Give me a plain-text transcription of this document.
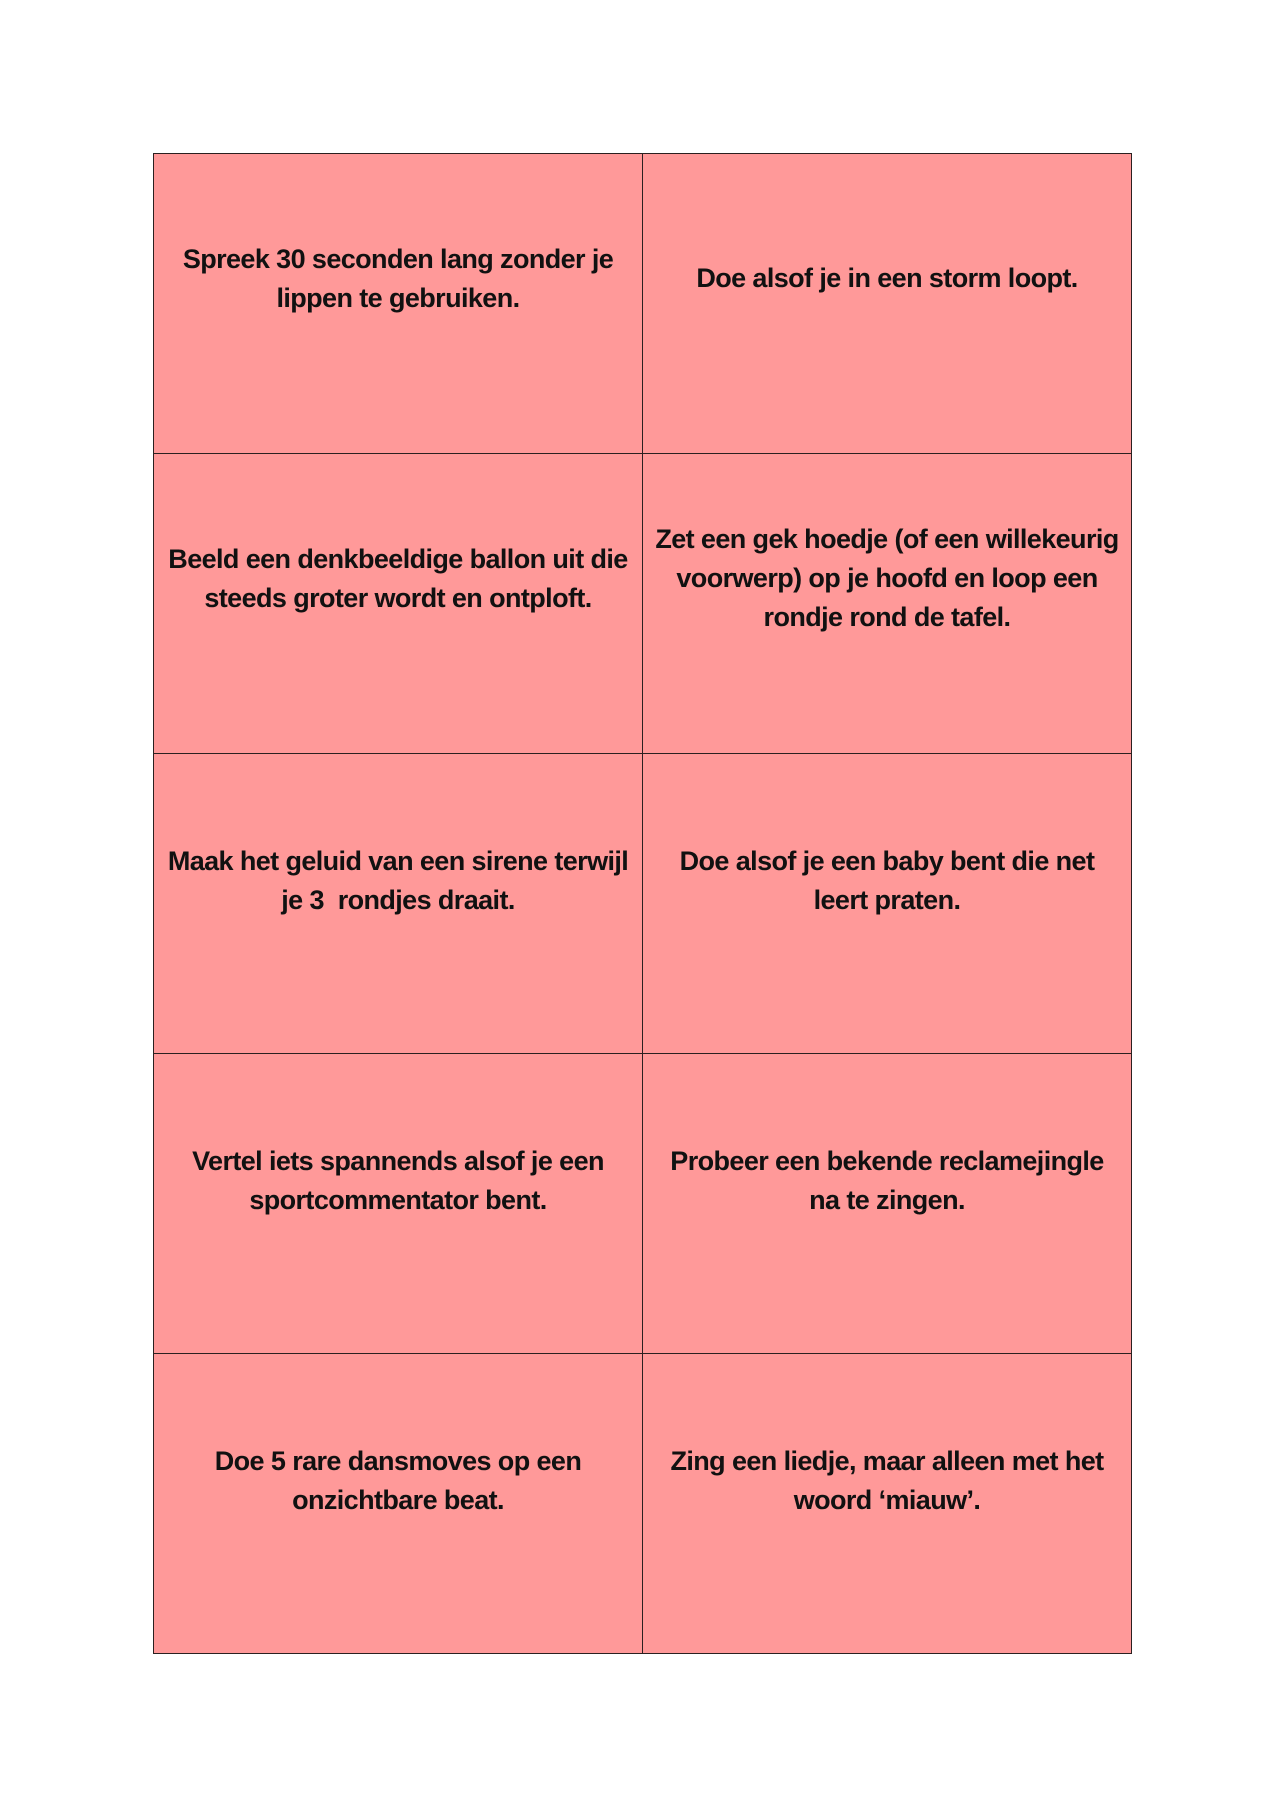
Spreek 30 seconden lang zonder je lippen te gebruiken.	Doe alsof je in een storm loopt.
Beeld een denkbeeldige ballon uit die steeds groter wordt en ontploft.	Zet een gek hoedje (of een willekeurig voorwerp) op je hoofd en loop een rondje rond de tafel.
Maak het geluid van een sirene terwijl je 3  rondjes draait.	Doe alsof je een baby bent die net leert praten.
Vertel iets spannends alsof je een sportcommentator bent.	Probeer een bekende reclamejingle na te zingen.
Doe 5 rare dansmoves op een onzichtbare beat.	Zing een liedje, maar alleen met het woord ‘miauw’.
